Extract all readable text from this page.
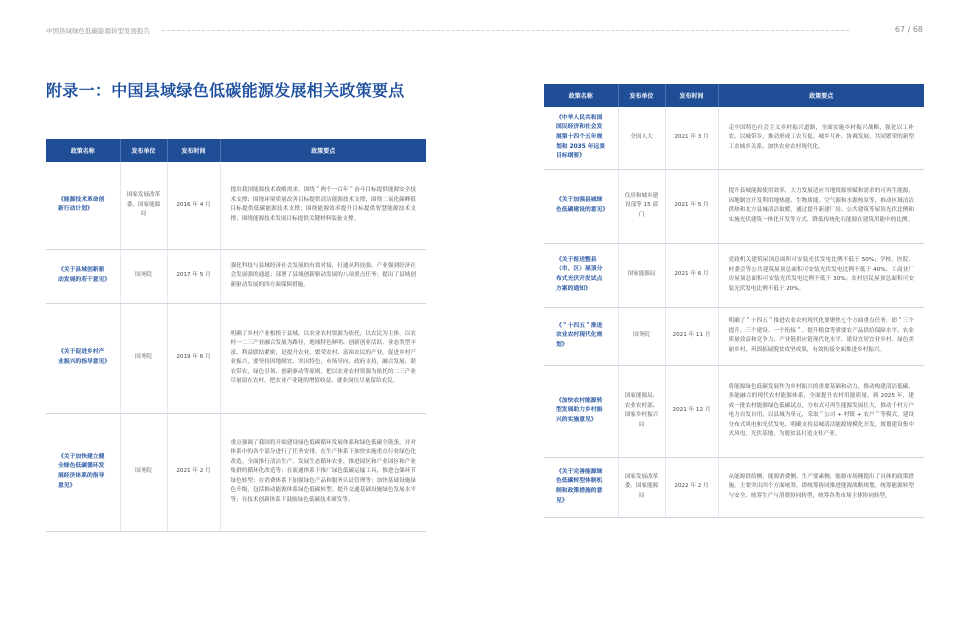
中国县域绿色低碳能源转型发展报告	67 / 68
附录一：中国县域绿色低碳能源发展相关政策要点
政策名称	发布单位	发布时间	政策要点
《能源技术革命创新行动计划》	国家发展改革委、国家能源局	2016 年 4 月	提出我国能源技术战略需求。围绕＂两个一百年＂奋斗目标提供能源安全技术支撑；围绕环境质量改善目标提供清洁能源技术支撑；围绕二氧化碳峰值目标提供低碳能源技术支撑；围绕能源效率提升目标提供智慧能源技术支撑；围绕能源技术发展目标提供关键材料装备支撑。
《关于县域创新驱动发展的若干意见》	国务院	2017 年 5 月	强化科技与县域经济社会发展的有效对接，打通从科技强、产业强到经济社会发展强的通道；部署了县域创新驱动发展的八项重点任务；提出了县域创新驱动发展的四方面保障措施。
《关于促进乡村产业振兴的指导意见》	国务院	2019 年 6 月	明确了乡村产业根植于县域，以农业农村资源为依托，以农民为主体，以农村一二三产业融合发展为路径，地域特色鲜明、创新创业活跃、业态类型丰富、利益联结紧密，是提升农业、繁荣农村、富裕农民的产业。促进乡村产业振兴，要坚持因地制宜、突出特色，市场导向、政府支持，融合发展、联农带农，绿色引领、创新驱动等原则，把以农业农村资源为依托的二三产业尽量留在农村，把农业产业链的增值收益、就业岗位尽量留给农民。
《关于加快建立健全绿色低碳循环发展经济体系的指导意见》	国务院	2021 年 2 月	重点强调了我国将开始建设绿色低碳循环发展体系和绿色低碳全链条，并对体系中的各个部分进行了任务安排。在生产体系下加快实施重点行业绿色化改造、全面推行清洁生产、发展生态循环农业、推进园区和产业园区和产业集群的循环化改造等；在流通体系下推广绿色低碳运输工具，推进仓储环节绿色转型；在消费体系下加强绿色产品和服务认证管理等；加快基础设施绿色升级，包括推动能源体系绿色低碳转型、提升交通基础设施绿色发展水平等；在技术创新体系下鼓励绿色低碳技术研发等。
政策名称	发布单位	发布时间	政策要点
《中华人民共和国国民经济和社会发展第十四个五年规划和 2035 年远景目标纲要》	全国人大	2021 年 3 月	走中国特色社会主义乡村振兴道路，全面实施乡村振兴战略，强化以工补农、以城带乡，推动形成工农互促、城乡互补、协调发展、共同繁荣的新型工农城乡关系，加快农业农村现代化。
《关于加强县城绿色低碳建设的意见》	住房和城乡建设部等 15 部门	2021 年 5 月	提升县城能源使用效率，大力发展适应当地资源禀赋和需求的可再生能源，因地制宜开发利用地热能、生物质能、空气源和水源热泵等，推动区域清洁供热和北方县城清洁取暖，通过提升新建厂房、公共建筑等屋顶光伏比例和实施光伏建筑一体化开发等方式，降低传统化石能源在建筑用能中的比例。
《关于报送整县（市、区）屋顶分布式光伏开发试点方案的通知》	国家能源局	2021 年 6 月	党政机关建筑屋顶总面积可安装光伏发电比例不低于 50%；学校、医院、村委会等公共建筑屋顶总面积可安装光伏发电比例不低于 40%；工商业厂房屋顶总面积可安装光伏发电比例不低于 30%；农村居民屋顶总面积可安装光伏发电比例不低于 20%。
《＂十四五＂推进农业农村现代化规划》	国务院	2021 年 11 月	明确了＂十四五＂推进农业农村现代化要聚焦七个方面重点任务，即＂三个提升、三个建设、一个衔接＂。提升粮食等重要农产品供给保障水平、农业质量效益和竞争力、产业链供应链现代化水平。建设宜居宜业乡村、绿色美丽乡村，巩固拓展脱贫攻坚成果，有效衔接全面推进乡村振兴。
《加快农村能源转型发展助力乡村振兴的实施意见》	国家能源局、农业农村部、国家乡村振兴局	2021 年 12 月	将能源绿色低碳发展作为乡村振兴的重要基础和动力，推动构建清洁低碳、多能融合的现代农村能源体系，全面提升农村用能质量。到 2025 年，建成一批农村能源绿色低碳试点，分布式可再生能源发展壮大，推动千村万户电力自发自用，以县域为单元，采取＂公司 + 村镇 + 农户＂等模式，建设分布式风电和光伏发电。明确支持县城清洁能源规模化开发，规划建设集中式风电、光伏基地，为脱贫县打造支柱产业。
《关于完善能源绿色低碳转型体制机制和政策措施的意见》	国家发展改革委、国家能源局	2022 年 2 月	从能源供给侧、能源消费侧、生产要素侧，能源市场侧提出了具体的政策措施。主要突出四个方面统筹，即统筹协同推进能源战略规划、统筹能源转型与安全、统筹生产与消费协同转型、统筹各类市场主体协同转型。
